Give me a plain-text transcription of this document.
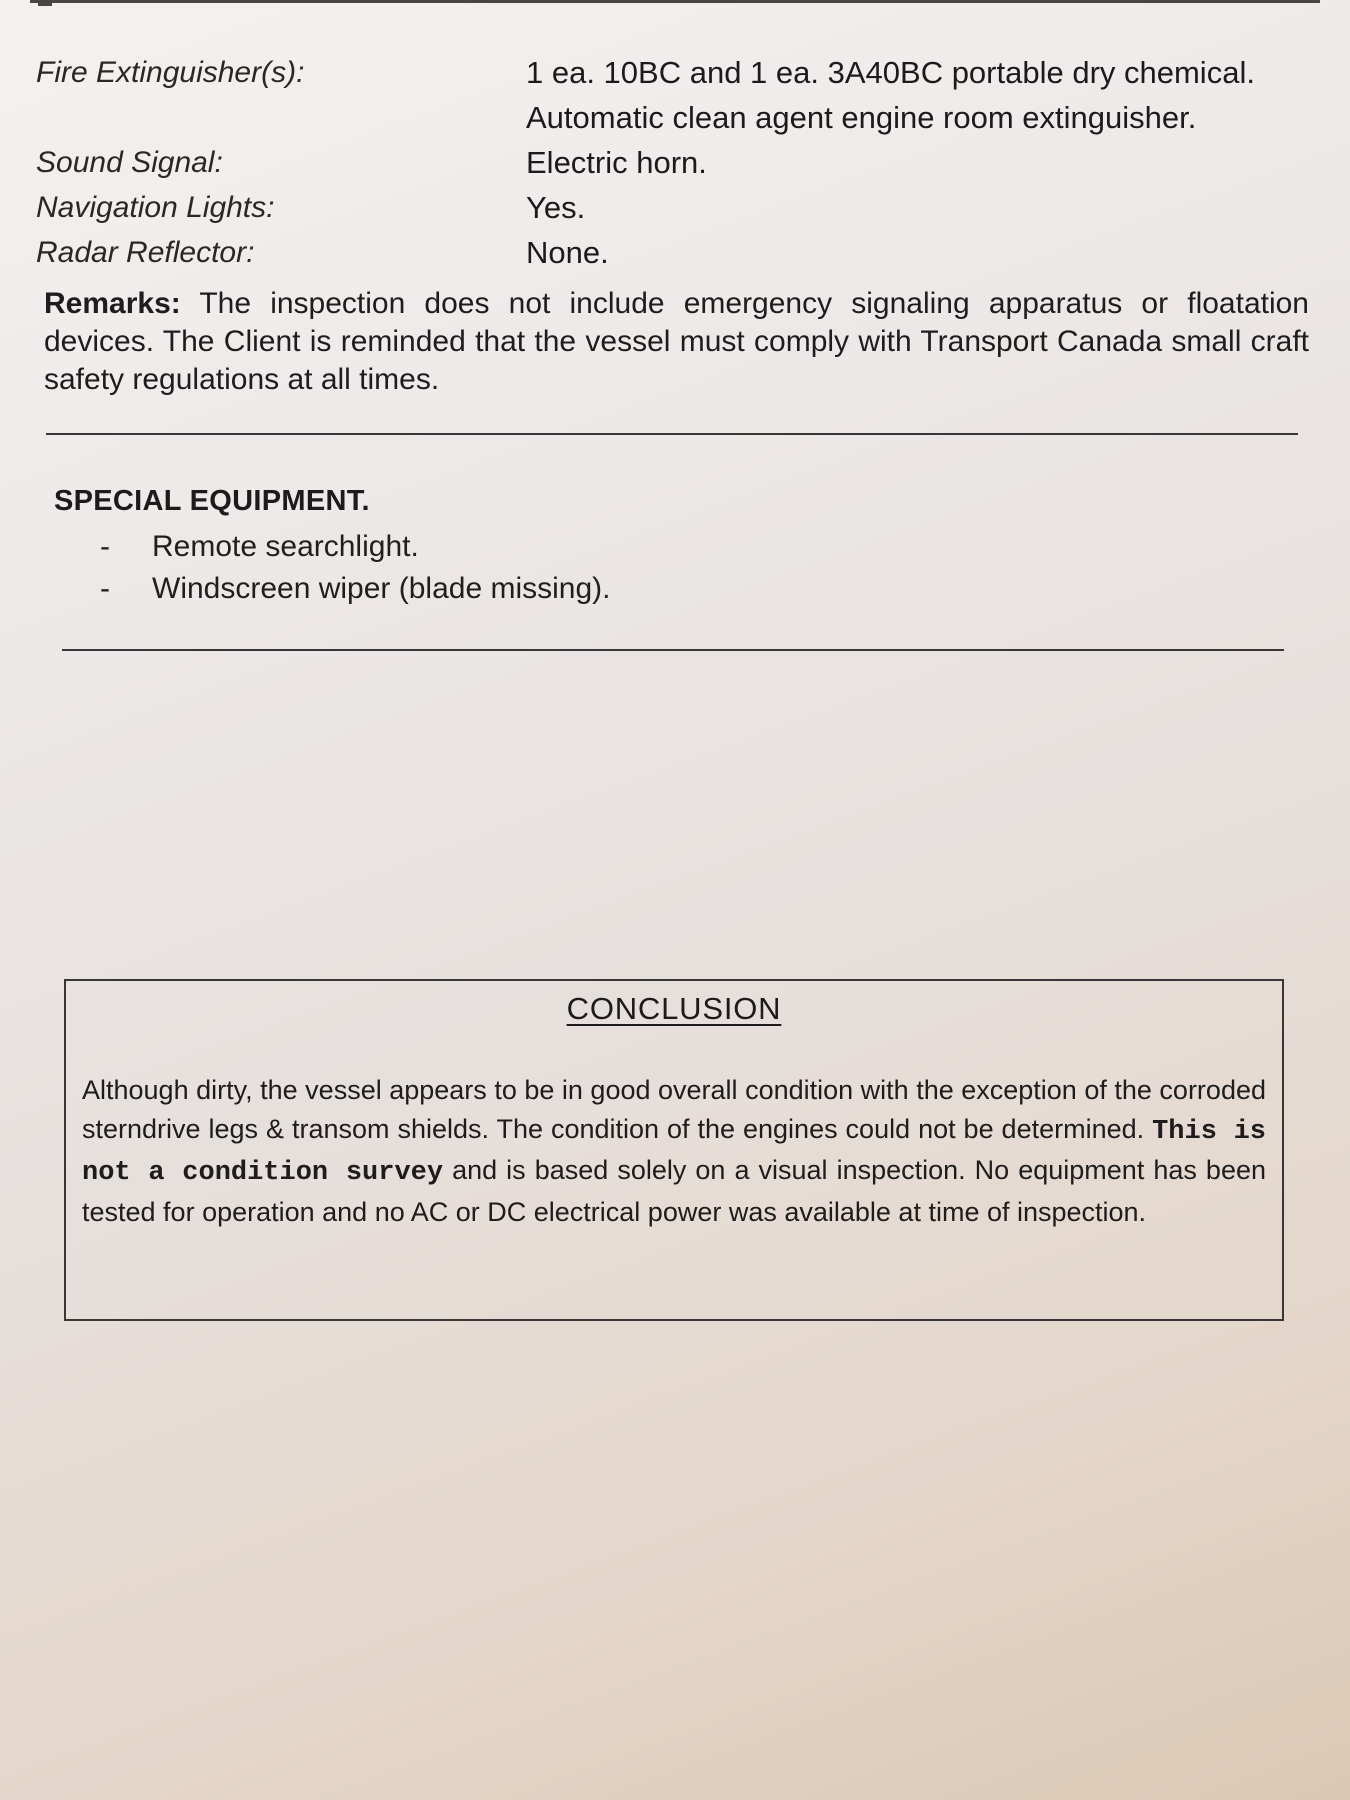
Fire Extinguisher(s):	1 ea. 10BC and 1 ea. 3A40BC portable dry chemical.
Automatic clean agent engine room extinguisher.
Sound Signal:	Electric horn.
Navigation Lights:	Yes.
Radar Reflector:	None.
Remarks: The inspection does not include emergency signaling apparatus or floatation devices. The Client is reminded that the vessel must comply with Transport Canada small craft safety regulations at all times.
SPECIAL EQUIPMENT.
-	Remote searchlight.
-	Windscreen wiper (blade missing).
CONCLUSION
Although dirty, the vessel appears to be in good overall condition with the exception of the corroded sterndrive legs & transom shields. The condition of the engines could not be determined. This is not a condition survey and is based solely on a visual inspection. No equipment has been tested for operation and no AC or DC electrical power was available at time of inspection.
